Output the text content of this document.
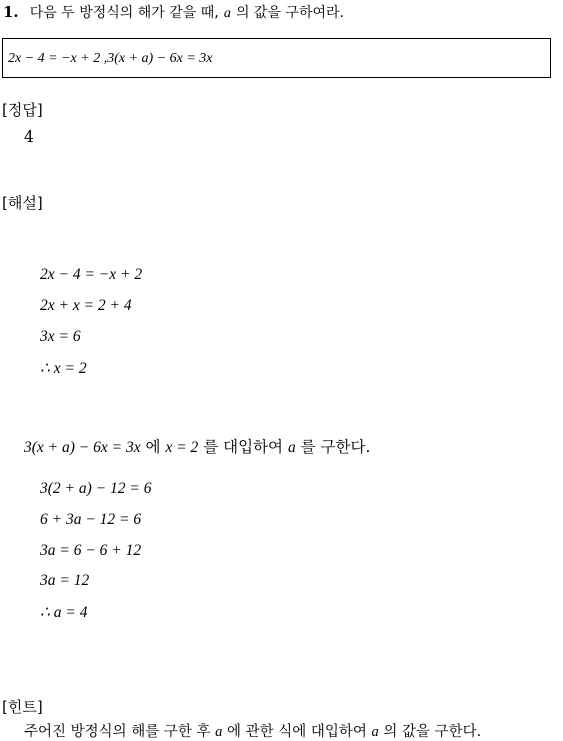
1. 다음 두 방정식의 해가 같을 때, a 의 값을 구하여라.
2x − 4 = −x + 2 ,3(x + a) − 6x = 3x
[정답]
4
[해설]
2x − 4 = −x + 2
2x + x = 2 + 4
3x = 6
∴ x = 2
3(x + a) − 6x = 3x 에 x = 2 를 대입하여 a 를 구한다.
3(2 + a) − 12 = 6
6 + 3a − 12 = 6
3a = 6 − 6 + 12
3a = 12
∴ a = 4
[힌트]
주어진 방정식의 해를 구한 후 a 에 관한 식에 대입하여 a 의 값을 구한다.
